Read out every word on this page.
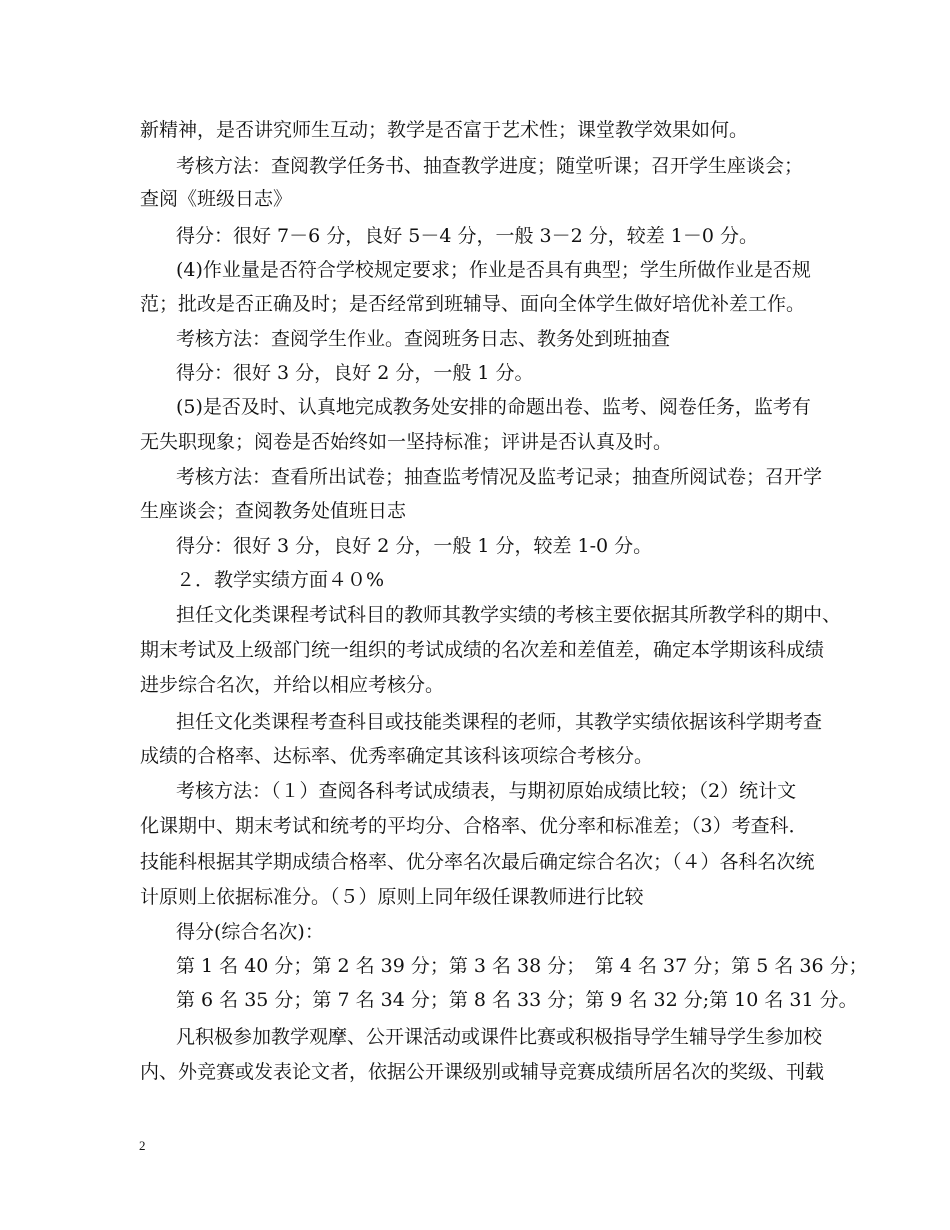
新精神，是否讲究师生互动；教学是否富于艺术性；课堂教学效果如何。
考核方法：查阅教学任务书、抽查教学进度；随堂听课；召开学生座谈会；
查阅《班级日志》
得分：很好 7－6 分，良好 5－4 分，一般 3－2 分，较差 1－0 分。
(4)作业量是否符合学校规定要求；作业是否具有典型；学生所做作业是否规
范；批改是否正确及时；是否经常到班辅导、面向全体学生做好培优补差工作。
考核方法：查阅学生作业。查阅班务日志、教务处到班抽查
得分：很好 3 分，良好 2 分，一般 1 分。
(5)是否及时、认真地完成教务处安排的命题出卷、监考、阅卷任务，监考有
无失职现象；阅卷是否始终如一坚持标准；评讲是否认真及时。
考核方法：查看所出试卷；抽查监考情况及监考记录；抽查所阅试卷；召开学
生座谈会；查阅教务处值班日志
得分：很好 3 分，良好 2 分，一般 1 分，较差 1-0 分。
２．教学实绩方面４０%
担任文化类课程考试科目的教师其教学实绩的考核主要依据其所教学科的期中、
期末考试及上级部门统一组织的考试成绩的名次差和差值差，确定本学期该科成绩
进步综合名次，并给以相应考核分。
担任文化类课程考查科目或技能类课程的老师，其教学实绩依据该科学期考查
成绩的合格率、达标率、优秀率确定其该科该项综合考核分。
考核方法：（１）查阅各科考试成绩表，与期初原始成绩比较；（2）统计文
化课期中、期末考试和统考的平均分、合格率、优分率和标准差；（3）考查科．
技能科根据其学期成绩合格率、优分率名次最后确定综合名次；（４）各科名次统
计原则上依据标准分。（５）原则上同年级任课教师进行比较
得分(综合名次)：
第 1 名 40 分；第 2 名 39 分；第 3 名 38 分；　第 4 名 37 分；第 5 名 36 分；
第 6 名 35 分；第 7 名 34 分；第 8 名 33 分；第 9 名 32 分;第 10 名 31 分。
凡积极参加教学观摩、公开课活动或课件比赛或积极指导学生辅导学生参加校
内、外竞赛或发表论文者，依据公开课级别或辅导竞赛成绩所居名次的奖级、刊载
2
